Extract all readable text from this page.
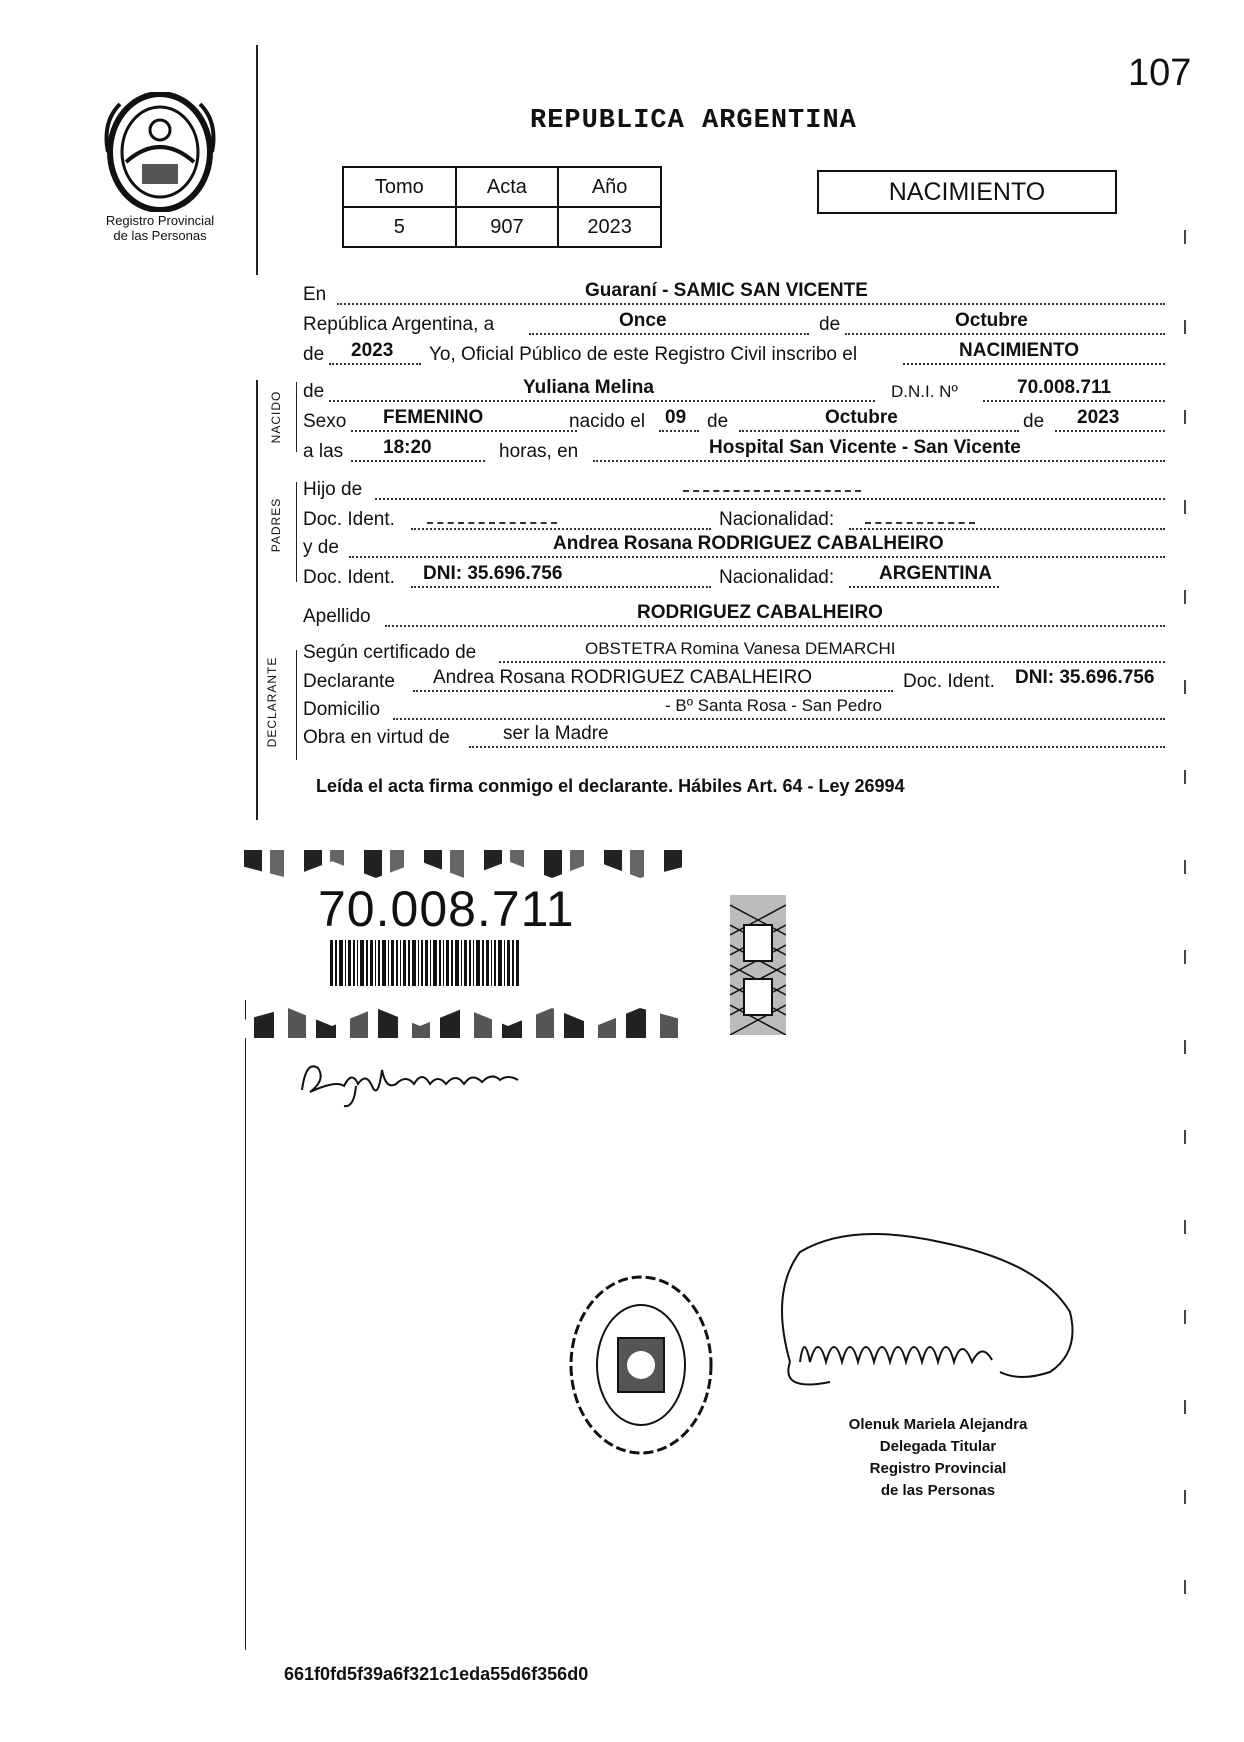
107
Registro Provincial
de las Personas
REPUBLICA ARGENTINA
Tomo	Acta	Año
5	907	2023
NACIMIENTO
NACIDO
PADRES
DECLARANTE
En	Guaraní - SAMIC SAN VICENTE
República Argentina, a	Once	de	Octubre
de 2023 Yo, Oficial Público de este Registro Civil inscribo el	NACIMIENTO
de	Yuliana Melina	D.N.I. Nº	70.008.711
Sexo FEMENINO	nacido el 09 de	Octubre	de 2023
a las 18:20	horas, en	Hospital San Vicente - San Vicente
Hijo de
Doc. Ident.	Nacionalidad:
y de	Andrea Rosana RODRIGUEZ CABALHEIRO
Doc. Ident. DNI: 35.696.756	Nacionalidad: ARGENTINA
Apellido	RODRIGUEZ CABALHEIRO
Según certificado de	OBSTETRA Romina Vanesa DEMARCHI
Declarante Andrea Rosana RODRIGUEZ CABALHEIRO	Doc. Ident. DNI: 35.696.756
Domicilio	- Bº Santa Rosa - San Pedro
Obra en virtud de	ser la Madre
Leída el acta firma conmigo el declarante. Hábiles Art. 64 - Ley 26994
70.008.711
Olenuk Mariela Alejandra
Delegada Titular
Registro Provincial
de las Personas
661f0fd5f39a6f321c1eda55d6f356d0
